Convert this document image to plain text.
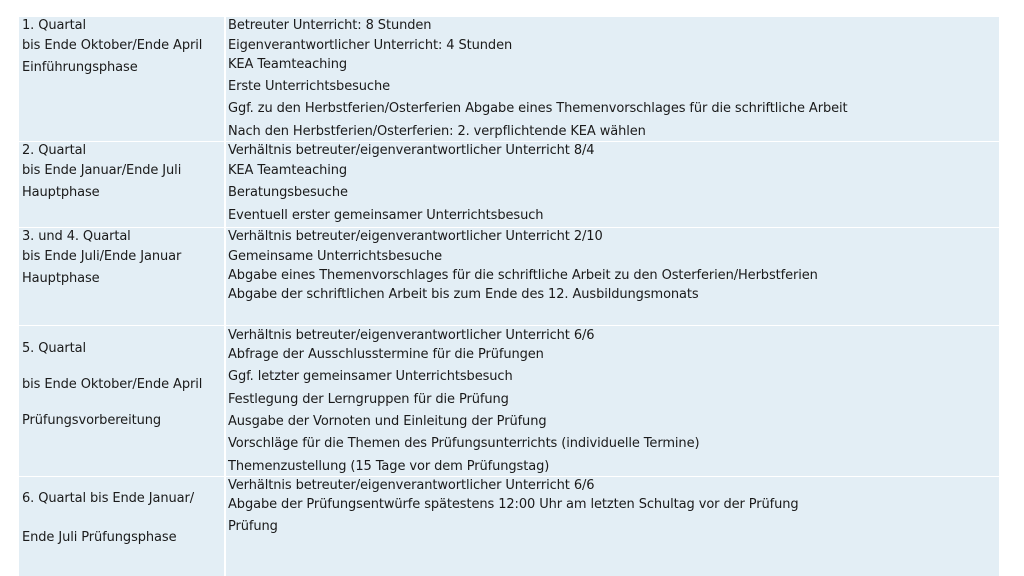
1. Quartal
bis Ende Oktober/Ende April
Einführungsphase
Betreuter Unterricht: 8 Stunden
Eigenverantwortlicher Unterricht: 4 Stunden
KEA Teamteaching
Erste Unterrichtsbesuche
Ggf. zu den Herbstferien/Osterferien Abgabe eines Themenvorschlages für die schriftliche Arbeit
Nach den Herbstferien/Osterferien: 2. verpflichtende KEA wählen
2. Quartal
bis Ende Januar/Ende Juli
Hauptphase
Verhältnis betreuter/eigenverantwortlicher Unterricht 8/4
KEA Teamteaching
Beratungsbesuche
Eventuell erster gemeinsamer Unterrichtsbesuch
3. und 4. Quartal
bis Ende Juli/Ende Januar
Hauptphase
Verhältnis betreuter/eigenverantwortlicher Unterricht 2/10
Gemeinsame Unterrichtsbesuche
Abgabe eines Themenvorschlages für die schriftliche Arbeit zu den Osterferien/Herbstferien
Abgabe der schriftlichen Arbeit bis zum Ende des 12. Ausbildungsmonats
5. Quartal
bis Ende Oktober/Ende April
Prüfungsvorbereitung
Verhältnis betreuter/eigenverantwortlicher Unterricht 6/6
Abfrage der Ausschlusstermine für die Prüfungen
Ggf. letzter gemeinsamer Unterrichtsbesuch
Festlegung der Lerngruppen für die Prüfung
Ausgabe der Vornoten und Einleitung der Prüfung
Vorschläge für die Themen des Prüfungsunterrichts (individuelle Termine)
Themenzustellung (15 Tage vor dem Prüfungstag)
6. Quartal bis Ende Januar/
Ende Juli Prüfungsphase
Verhältnis betreuter/eigenverantwortlicher Unterricht 6/6
Abgabe der Prüfungsentwürfe spätestens 12:00 Uhr am letzten Schultag vor der Prüfung
Prüfung
